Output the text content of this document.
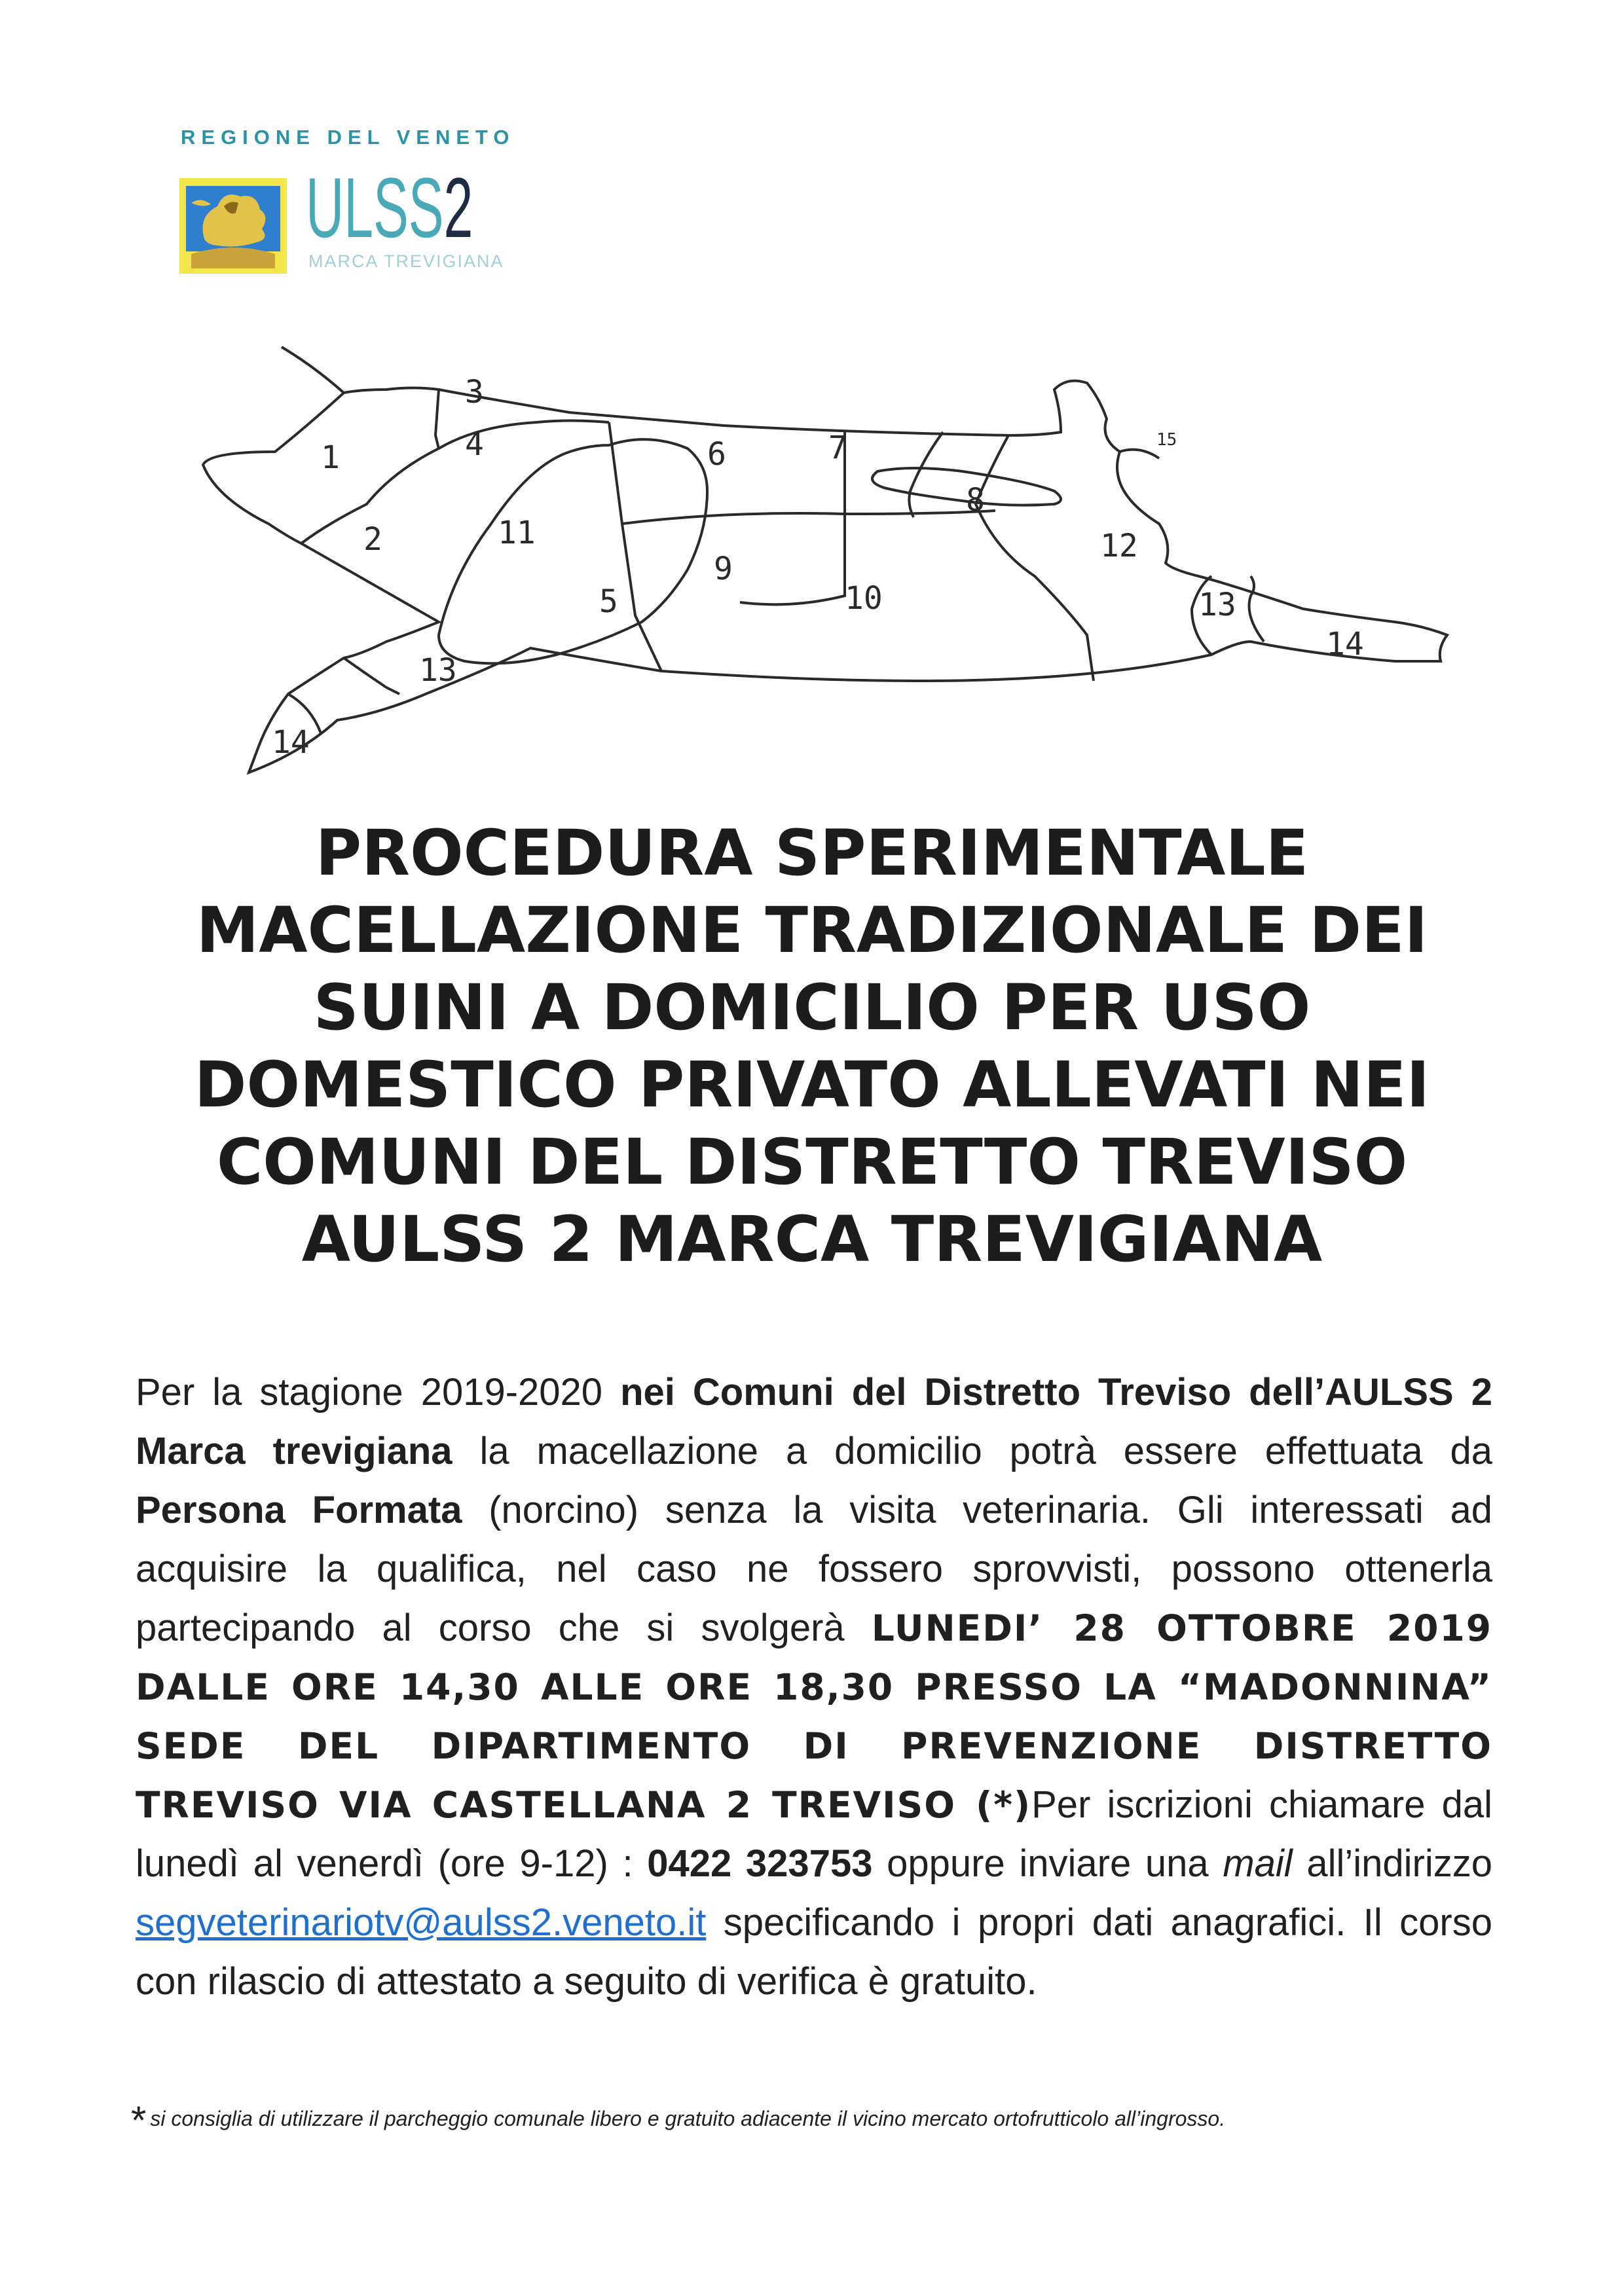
REGIONE DEL VENETO
ULSS2
MARCA TREVIGIANA
1
2
3
4
5
6	7
8
9
10
11	12
13
13
14
14
15
PROCEDURA SPERIMENTALE
MACELLAZIONE TRADIZIONALE DEI
SUINI A DOMICILIO PER USO
DOMESTICO PRIVATO ALLEVATI NEI
COMUNI DEL DISTRETTO TREVISO
AULSS 2 MARCA TREVIGIANA
Per la stagione 2019-2020 nei Comuni del Distretto Treviso dell’AULSS 2 Marca trevigiana la macellazione a domicilio potrà essere effettuata da Persona Formata (norcino) senza la visita veterinaria. Gli interessati ad acquisire la qualifica, nel caso ne fossero sprovvisti, possono ottenerla partecipando al corso che si svolgerà LUNEDI’ 28 OTTOBRE 2019 DALLE ORE 14,30 ALLE ORE 18,30 PRESSO LA “MADONNINA” SEDE DEL DIPARTIMENTO DI PREVENZIONE DISTRETTO TREVISO VIA CASTELLANA 2 TREVISO (*)Per iscrizioni chiamare dal lunedì al venerdì (ore 9-12) : 0422 323753 oppure inviare una mail all’indirizzo segveterinariotv@aulss2.veneto.it specificando i propri dati anagrafici. Il corso con rilascio di attestato a seguito di verifica è gratuito.
* si consiglia di utilizzare il parcheggio comunale libero e gratuito adiacente il vicino mercato ortofrutticolo all’ingrosso.
